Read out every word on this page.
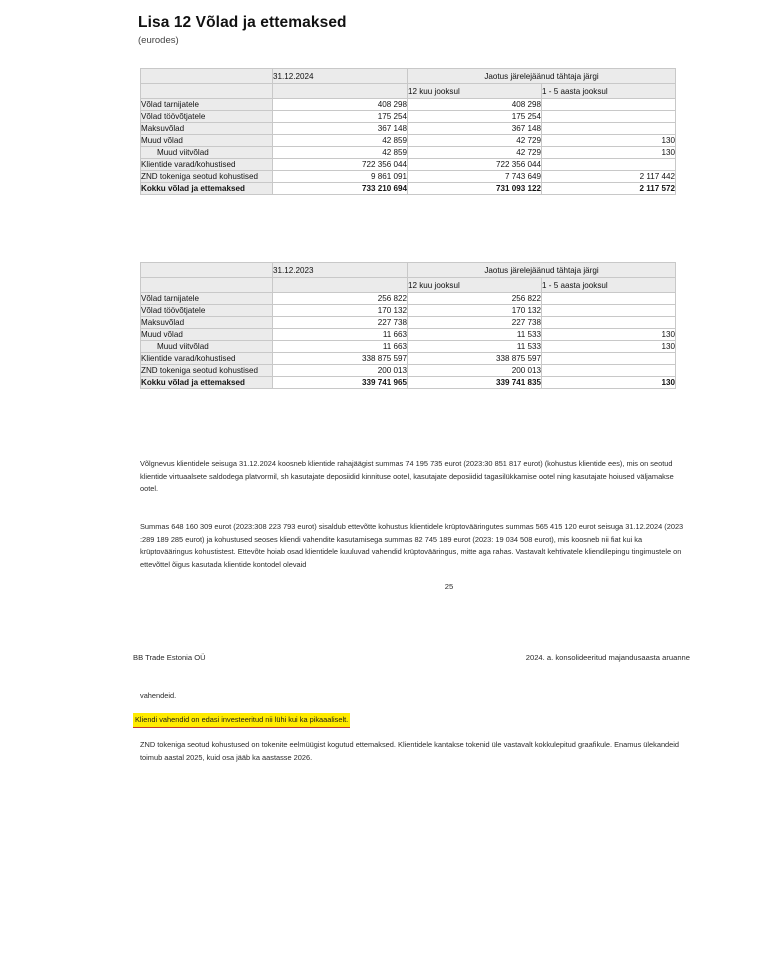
Lisa 12 Võlad ja ettemaksed
(eurodes)
	31.12.2024	Jaotus järelejäänud tähtaja järgi	
		12 kuu jooksul	1 - 5 aasta jooksul
Võlad tarnijatele	408 298	408 298	
Võlad töövõtjatele	175 254	175 254	
Maksuvõlad	367 148	367 148	
Muud võlad	42 859	42 729	130
Muud viitvõlad	42 859	42 729	130
Klientide varad/kohustised	722 356 044	722 356 044	
ZND tokeniga seotud kohustised	9 861 091	7 743 649	2 117 442
Kokku võlad ja ettemaksed	733 210 694	731 093 122	2 117 572
	31.12.2023	Jaotus järelejäänud tähtaja järgi	
		12 kuu jooksul	1 - 5 aasta jooksul
Võlad tarnijatele	256 822	256 822	
Võlad töövõtjatele	170 132	170 132	
Maksuvõlad	227 738	227 738	
Muud võlad	11 663	11 533	130
Muud viitvõlad	11 663	11 533	130
Klientide varad/kohustised	338 875 597	338 875 597	
ZND tokeniga seotud kohustised	200 013	200 013	
Kokku võlad ja ettemaksed	339 741 965	339 741 835	130
Võlgnevus klientidele seisuga 31.12.2024 koosneb klientide rahajäägist summas 74 195 735 eurot (2023:30 851 817 eurot) (kohustus klientide ees), mis on seotud klientide virtuaalsete saldodega platvormil, sh kasutajate deposiidid kinnituse ootel, kasutajate deposiidid tagasilükkamise ootel ning kasutajate hoiused väljamakse ootel.
Summas 648 160 309 eurot (2023:308 223 793 eurot) sisaldub ettevõtte kohustus klientidele krüptovääringutes summas 565 415 120 eurot seisuga 31.12.2024 (2023 :289 189 285 eurot) ja kohustused seoses kliendi vahendite kasutamisega summas 82 745 189 eurot (2023: 19 034 508 eurot), mis koosneb nii fiat kui ka krüptovääringus kohustistest. Ettevõte hoiab osad klientidele kuuluvad vahendid krüptovääringus, mitte aga rahas. Vastavalt kehtivatele kliendilepingu tingimustele on ettevõttel õigus kasutada klientide kontodel olevaid
25
BB Trade Estonia OÜ	2024. a. konsolideeritud majandusaasta aruanne
vahendeid.
Kliendi vahendid on edasi investeeritud nii lühi kui ka pikaaaliselt.
ZND tokeniga seotud kohustused on tokenite eelmüügist kogutud ettemaksed. Klientidele kantakse tokenid üle vastavalt kokkulepitud graafikule. Enamus ülekandeid toimub aastal 2025, kuid osa jääb ka aastasse 2026.
